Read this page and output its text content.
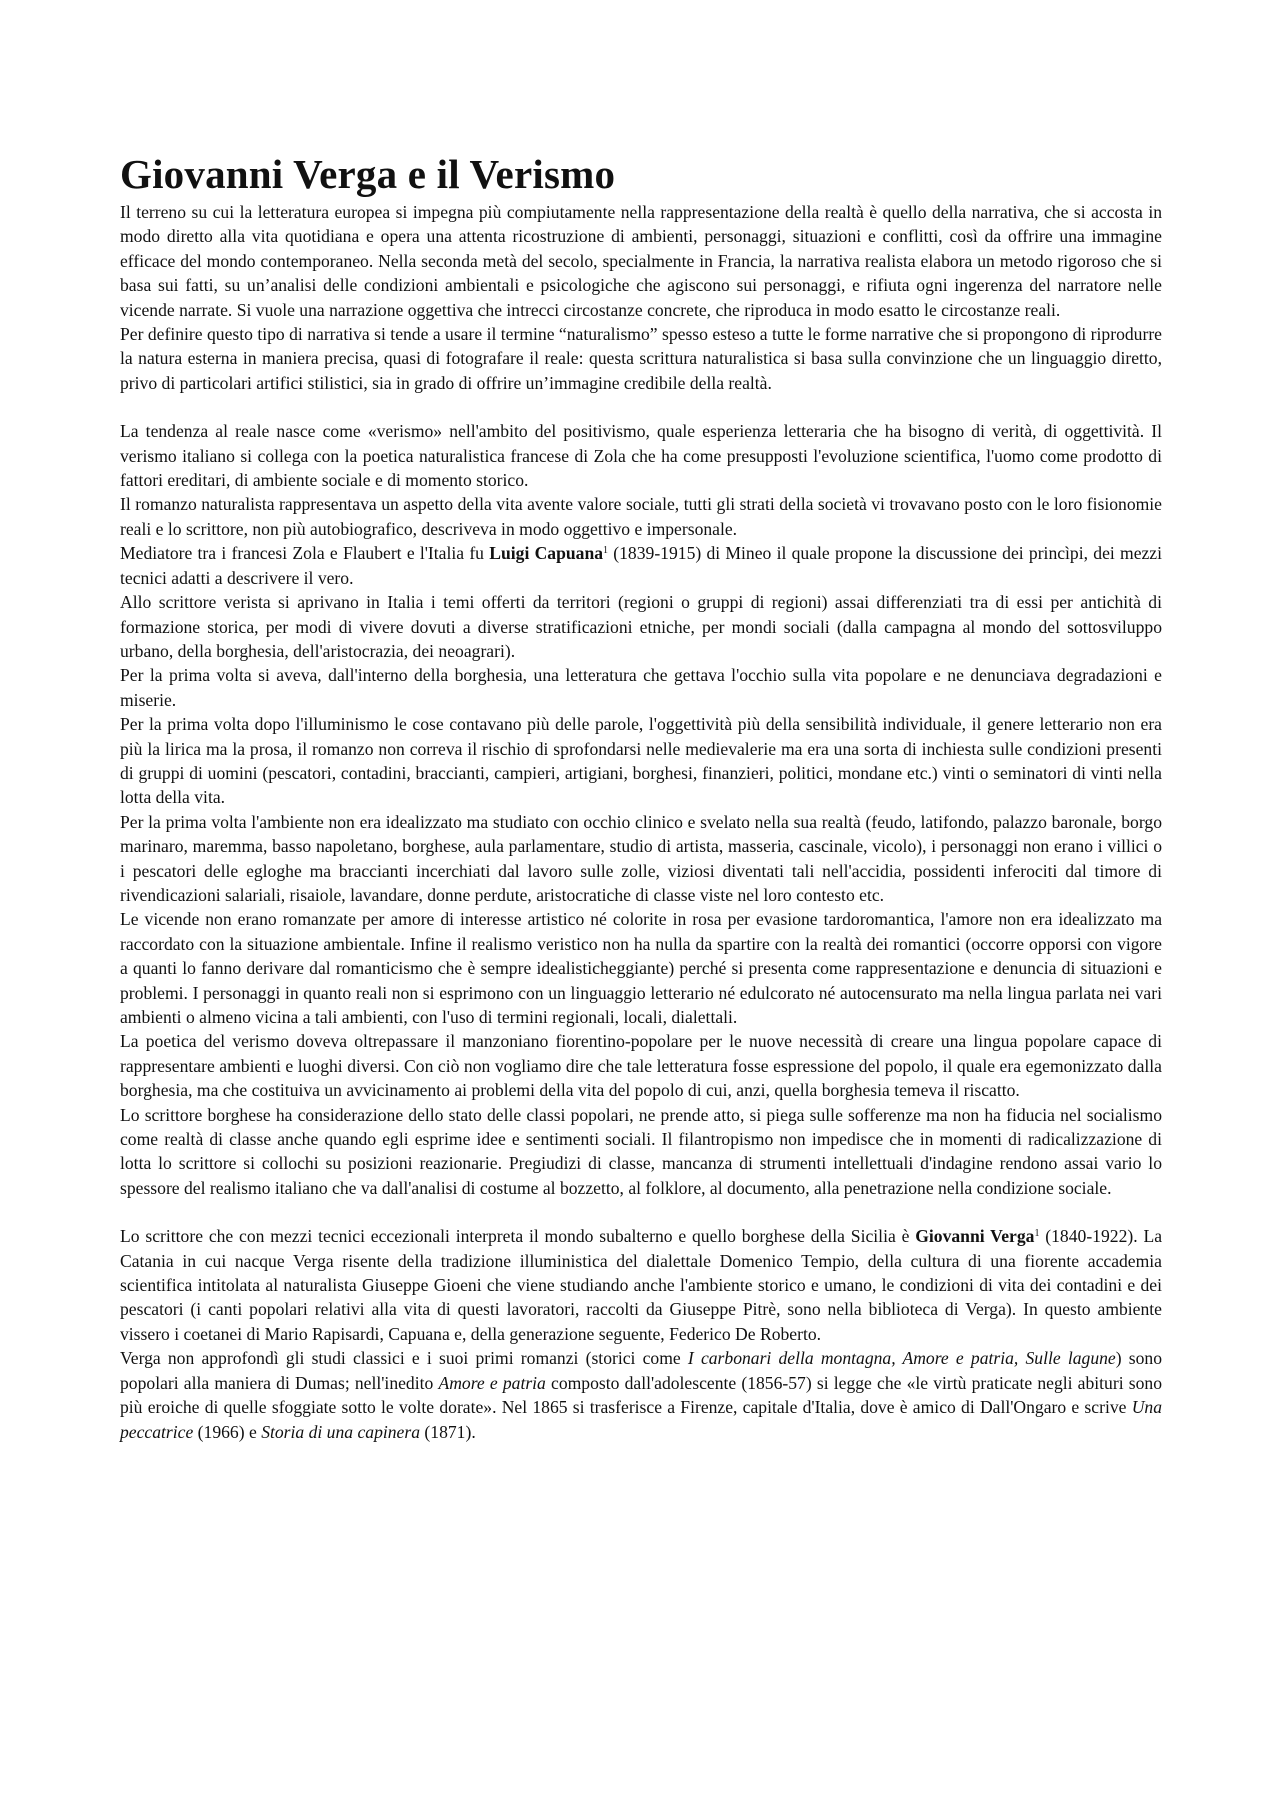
Giovanni Verga e il Verismo

Il terreno su cui la letteratura europea si impegna più compiutamente nella rappresentazione della realtà è quello della narrativa, che si accosta in modo diretto alla vita quotidiana e opera una attenta ricostruzione di ambienti, personaggi, situazioni e conflitti, così da offrire una immagine efficace del mondo contemporaneo. Nella seconda metà del secolo, specialmente in Francia, la narrativa realista elabora un metodo rigoroso che si basa sui fatti, su un’analisi delle condizioni ambientali e psicologiche che agiscono sui personaggi, e rifiuta ogni ingerenza del narratore nelle vicende narrate. Si vuole una narrazione oggettiva che intrecci circostanze concrete, che riproduca in modo esatto le circostanze reali.

Per definire questo tipo di narrativa si tende a usare il termine “naturalismo” spesso esteso a tutte le forme narrative che si propongono di riprodurre la natura esterna in maniera precisa, quasi di fotografare il reale: questa scrittura naturalistica si basa sulla convinzione che un linguaggio diretto, privo di particolari artifici stilistici, sia in grado di offrire un’immagine credibile della realtà.

La tendenza al reale nasce come «verismo» nell'ambito del positivismo, quale esperienza letteraria che ha bisogno di verità, di oggettività. Il verismo italiano si collega con la poetica naturalistica francese di Zola che ha come presupposti l'evoluzione scientifica, l'uomo come prodotto di fattori ereditari, di ambiente sociale e di momento storico.

Il romanzo naturalista rappresentava un aspetto della vita avente valore sociale, tutti gli strati della società vi trovavano posto con le loro fisionomie reali e lo scrittore, non più autobiografico, descriveva in modo oggettivo e impersonale.

Mediatore tra i francesi Zola e Flaubert e l'Italia fu Luigi Capuana$^1$ (1839-1915) di Mineo il quale propone la discussione dei princìpi, dei mezzi tecnici adatti a descrivere il vero.

Allo scrittore verista si aprivano in Italia i temi offerti da territori (regioni o gruppi di regioni) assai differenziati tra di essi per antichità di formazione storica, per modi di vivere dovuti a diverse stratificazioni etniche, per mondi sociali (dalla campagna al mondo del sottosviluppo urbano, della borghesia, dell'aristocrazia, dei neoagrari).

Per la prima volta si aveva, dall'interno della borghesia, una letteratura che gettava l'occhio sulla vita popolare e ne denunciava degradazioni e miserie.

Per la prima volta dopo l'illuminismo le cose contavano più delle parole, l'oggettività più della sensibilità individuale, il genere letterario non era più la lirica ma la prosa, il romanzo non correva il rischio di sprofondarsi nelle medievalerie ma era una sorta di inchiesta sulle condizioni presenti di gruppi di uomini (pescatori, contadini, braccianti, campieri, artigiani, borghesi, finanzieri, politici, mondane etc.) vinti o seminatori di vinti nella lotta della vita.

Per la prima volta l'ambiente non era idealizzato ma studiato con occhio clinico e svelato nella sua realtà (feudo, latifondo, palazzo baronale, borgo marinaro, maremma, basso napoletano, borghese, aula parlamentare, studio di artista, masseria, cascinale, vicolo), i personaggi non erano i villici o i pescatori delle egloghe ma braccianti incerchiati dal lavoro sulle zolle, viziosi diventati tali nell'accidia, possidenti inferociti dal timore di rivendicazioni salariali, risaiole, lavandare, donne perdute, aristocratiche di classe viste nel loro contesto etc.

Le vicende non erano romanzate per amore di interesse artistico né colorite in rosa per evasione tardoromantica, l'amore non era idealizzato ma raccordato con la situazione ambientale. Infine il realismo veristico non ha nulla da spartire con la realtà dei romantici (occorre opporsi con vigore a quanti lo fanno derivare dal romanticismo che è sempre idealisticheggiante) perché si presenta come rappresentazione e denuncia di situazioni e problemi. I personaggi in quanto reali non si esprimono con un linguaggio letterario né edulcorato né autocensurato ma nella lingua parlata nei vari ambienti o almeno vicina a tali ambienti, con l'uso di termini regionali, locali, dialettali.

La poetica del verismo doveva oltrepassare il manzoniano fiorentino-popolare per le nuove necessità di creare una lingua popolare capace di rappresentare ambienti e luoghi diversi. Con ciò non vogliamo dire che tale letteratura fosse espressione del popolo, il quale era egemonizzato dalla borghesia, ma che costituiva un avvicinamento ai problemi della vita del popolo di cui, anzi, quella borghesia temeva il riscatto.

Lo scrittore borghese ha considerazione dello stato delle classi popolari, ne prende atto, si piega sulle sofferenze ma non ha fiducia nel socialismo come realtà di classe anche quando egli esprime idee e sentimenti sociali. Il filantropismo non impedisce che in momenti di radicalizzazione di lotta lo scrittore si collochi su posizioni reazionarie. Pregiudizi di classe, mancanza di strumenti intellettuali d'indagine rendono assai vario lo spessore del realismo italiano che va dall'analisi di costume al bozzetto, al folklore, al documento, alla penetrazione nella condizione sociale.

Lo scrittore che con mezzi tecnici eccezionali interpreta il mondo subalterno e quello borghese della Sicilia è Giovanni Verga$^1$ (1840-1922). La Catania in cui nacque Verga risente della tradizione illuministica del dialettale Domenico Tempio, della cultura di una fiorente accademia scientifica intitolata al naturalista Giuseppe Gioeni che viene studiando anche l'ambiente storico e umano, le condizioni di vita dei contadini e dei pescatori (i canti popolari relativi alla vita di questi lavoratori, raccolti da Giuseppe Pitrè, sono nella biblioteca di Verga). In questo ambiente vissero i coetanei di Mario Rapisardi, Capuana e, della generazione seguente, Federico De Roberto.

Verga non approfondì gli studi classici e i suoi primi romanzi (storici come I carbonari della montagna, Amore e patria, Sulle lagune) sono popolari alla maniera di Dumas; nell'inedito Amore e patria composto dall'adolescente (1856-57) si legge che «le virtù praticate negli abituri sono più eroiche di quelle sfoggiate sotto le volte dorate». Nel 1865 si trasferisce a Firenze, capitale d'Italia, dove è amico di Dall'Ongaro e scrive Una peccatrice (1966) e Storia di una capinera (1871).
